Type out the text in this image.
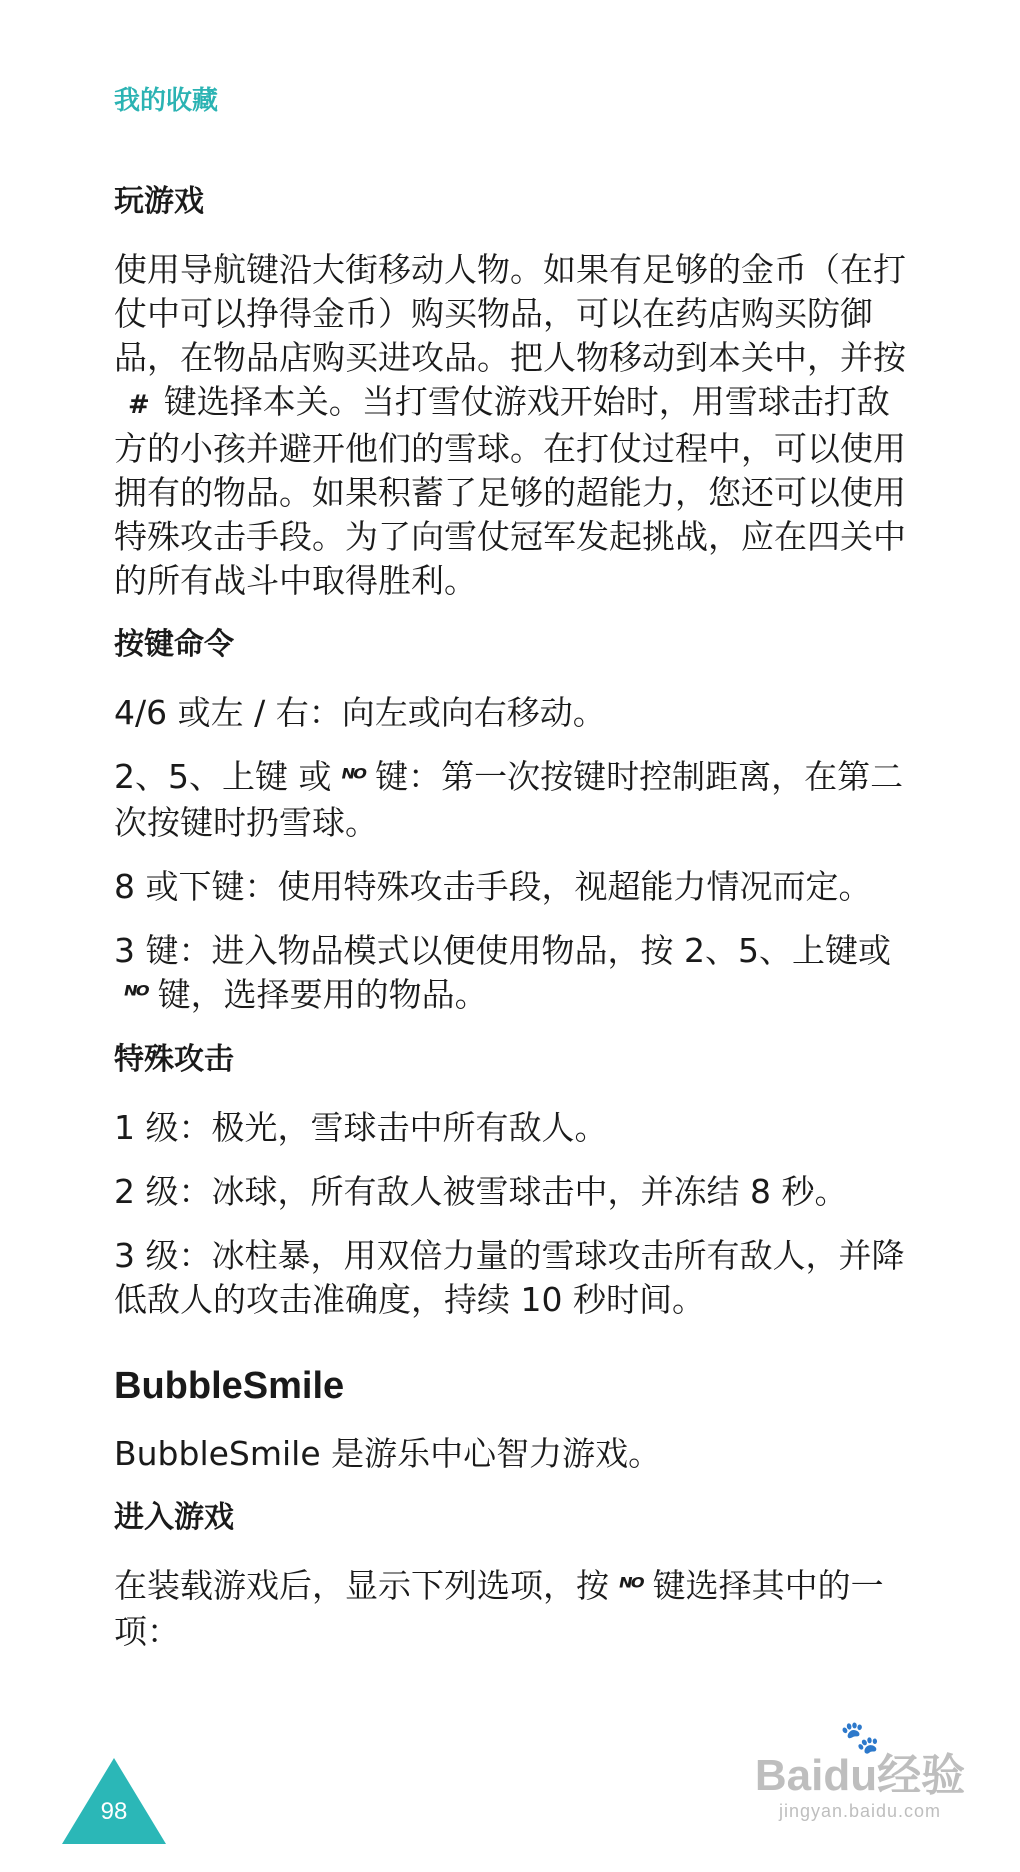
我的收藏
玩游戏
使用导航键沿大街移动人物。如果有足够的金币（在打仗中可以挣得金币）购买物品，可以在药店购买防御品，在物品店购买进攻品。把人物移动到本关中，并按# 键选择本关。当打雪仗游戏开始时，用雪球击打敌方的小孩并避开他们的雪球。在打仗过程中，可以使用拥有的物品。如果积蓄了足够的超能力，您还可以使用特殊攻击手段。为了向雪仗冠军发起挑战，应在四关中的所有战斗中取得胜利。
按键命令
4/6 或左 / 右：向左或向右移动。
2、5、上键 或 ᴺᴼ 键：第一次按键时控制距离，在第二次按键时扔雪球。
8 或下键：使用特殊攻击手段，视超能力情况而定。
3 键：进入物品模式以便使用物品，按 2、5、上键或ᴺᴼ 键，选择要用的物品。
特殊攻击
1 级：极光，雪球击中所有敌人。
2 级：冰球，所有敌人被雪球击中，并冻结 8 秒。
3 级：冰柱暴，用双倍力量的雪球攻击所有敌人，并降低敌人的攻击准确度，持续 10 秒时间。
BubbleSmile
BubbleSmile 是游乐中心智力游戏。
进入游戏
在装载游戏后，显示下列选项，按 ᴺᴼ 键选择其中的一项：
98
🐾
Baidu经验
jingyan.baidu.com
